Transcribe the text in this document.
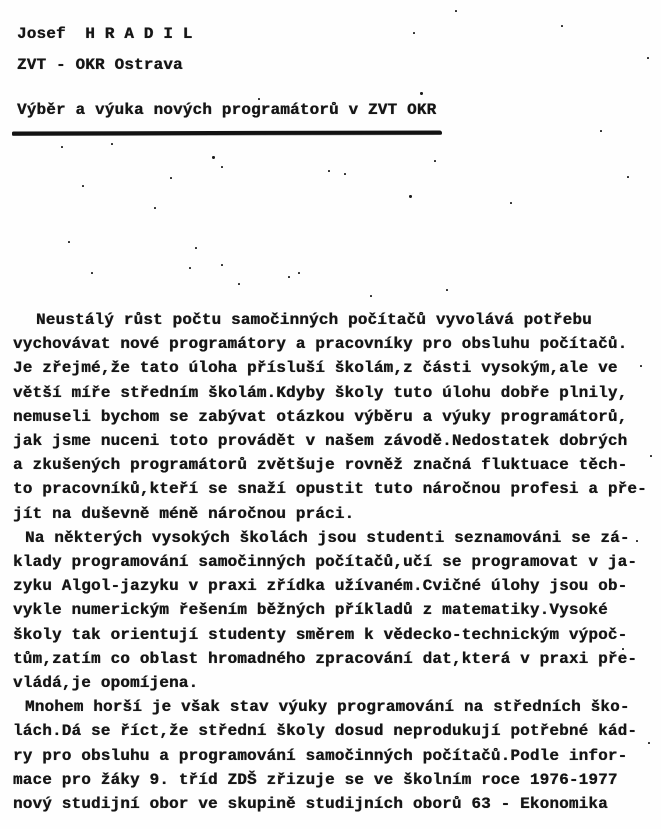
Josef  H R A D I L
ZVT - OKR Ostrava
Výběr a výuka nových programátorů v ZVT OKR
Neustálý růst počtu samočinných počítačů vyvolává potřebu
vychovávat nové programátory a pracovníky pro obsluhu počítačů.
Je zřejmé,že tato úloha přísluší školám,z části vysokým,ale ve
větší míře středním školám.Kdyby školy tuto úlohu dobře plnily,
nemuseli bychom se zabývat otázkou výběru a výuky programátorů,
jak jsme nuceni toto provádět v našem závodě.Nedostatek dobrých
a zkušených programátorů zvětšuje rovněž značná fluktuace těch-
to pracovníků,kteří se snaží opustit tuto náročnou profesi a pře-
jít na duševně méně náročnou práci.
Na některých vysokých školách jsou studenti seznamováni se zá-
klady programování samočinných počítačů,učí se programovat v ja-
zyku Algol-jazyku v praxi zřídka užívaném.Cvičné úlohy jsou ob-
vykle numerickým řešením běžných příkladů z matematiky.Vysoké
školy tak orientují studenty směrem k vědecko-technickým výpoč-
tům,zatím co oblast hromadného zpracování dat,která v praxi pře-
vládá,je opomíjena.
Mnohem horší je však stav výuky programování na středních ško-
lách.Dá se říct,že střední školy dosud neprodukují potřebné kád-
ry pro obsluhu a programování samočinných počítačů.Podle infor-
mace pro žáky 9. tříd ZDŠ zřizuje se ve školním roce 1976-1977
nový studijní obor ve skupině studijních oborů 63 - Ekonomika
